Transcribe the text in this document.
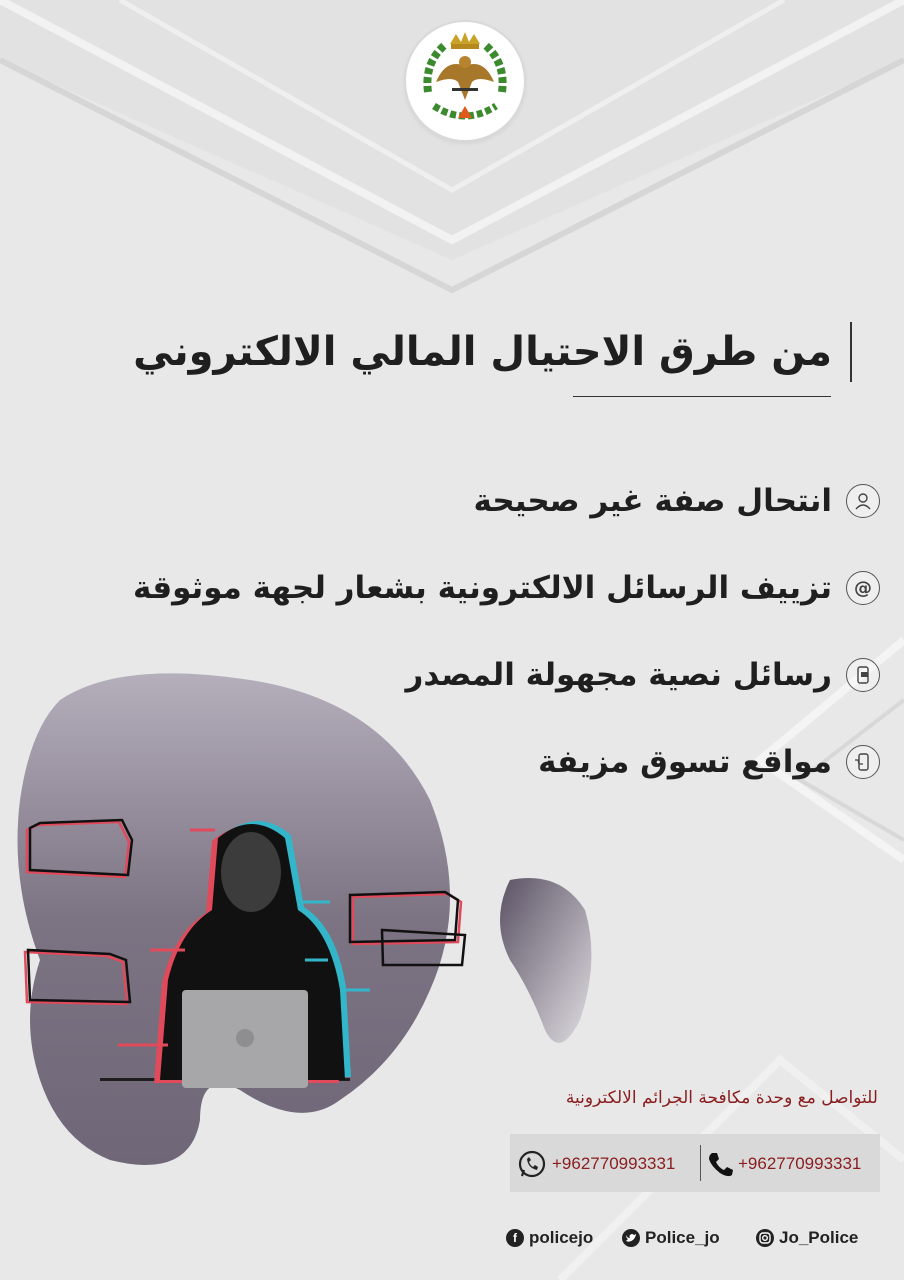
من طرق الاحتيال المالي الالكتروني
انتحال صفة غير صحيحة
@
تزييف الرسائل الالكترونية بشعار لجهة موثوقة
رسائل نصية مجهولة المصدر
مواقع تسوق مزيفة
للتواصل مع وحدة مكافحة الجرائم الالكترونية
+962770993331	+962770993331
f policejo	Police_jo	Jo_Police
